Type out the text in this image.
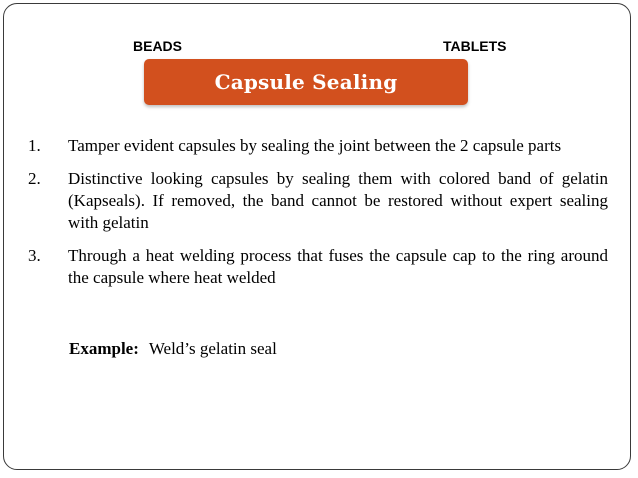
BEADS	TABLETS
Capsule Sealing
1.	Tamper evident capsules by sealing the joint between the 2 capsule parts
2.	Distinctive looking capsules by sealing them with colored band of gelatin (Kapseals). If removed, the band cannot be restored without expert sealing with gelatin
3.	Through a heat welding process that fuses the capsule cap to the ring around the capsule where heat welded
Example: Weld’s gelatin seal
